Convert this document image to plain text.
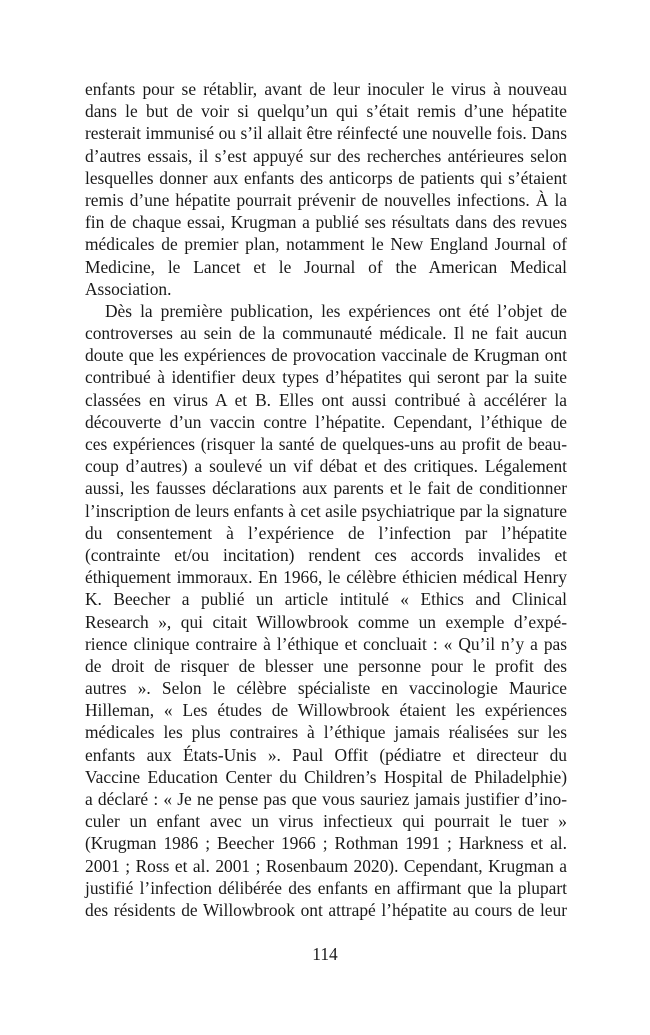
enfants pour se rétablir, avant de leur inoculer le virus à nouveau
dans le but de voir si quelqu’un qui s’était remis d’une hépatite
resterait immunisé ou s’il allait être réinfecté une nouvelle fois. Dans
d’autres essais, il s’est appuyé sur des recherches antérieures selon
lesquelles donner aux enfants des anticorps de patients qui s’étaient
remis d’une hépatite pourrait prévenir de nouvelles infections. À la
fin de chaque essai, Krugman a publié ses résultats dans des revues
médicales de premier plan, notamment le New England Journal of
Medicine, le Lancet et le Journal of the American Medical
Association.
Dès la première publication, les expériences ont été l’objet de
controverses au sein de la communauté médicale. Il ne fait aucun
doute que les expériences de provocation vaccinale de Krugman ont
contribué à identifier deux types d’hépatites qui seront par la suite
classées en virus A et B. Elles ont aussi contribué à accélérer la
découverte d’un vaccin contre l’hépatite. Cependant, l’éthique de
ces expériences (risquer la santé de quelques-uns au profit de beau-
coup d’autres) a soulevé un vif débat et des critiques. Légalement
aussi, les fausses déclarations aux parents et le fait de conditionner
l’inscription de leurs enfants à cet asile psychiatrique par la signature
du consentement à l’expérience de l’infection par l’hépatite
(contrainte et/ou incitation) rendent ces accords invalides et
éthiquement immoraux. En 1966, le célèbre éthicien médical Henry
K. Beecher a publié un article intitulé « Ethics and Clinical
Research », qui citait Willowbrook comme un exemple d’expé-
rience clinique contraire à l’éthique et concluait : « Qu’il n’y a pas
de droit de risquer de blesser une personne pour le profit des
autres ». Selon le célèbre spécialiste en vaccinologie Maurice
Hilleman, « Les études de Willowbrook étaient les expériences
médicales les plus contraires à l’éthique jamais réalisées sur les
enfants aux États-Unis ». Paul Offit (pédiatre et directeur du
Vaccine Education Center du Children’s Hospital de Philadelphie)
a déclaré : « Je ne pense pas que vous sauriez jamais justifier d’ino-
culer un enfant avec un virus infectieux qui pourrait le tuer »
(Krugman 1986 ; Beecher 1966 ; Rothman 1991 ; Harkness et al.
2001 ; Ross et al. 2001 ; Rosenbaum 2020). Cependant, Krugman a
justifié l’infection délibérée des enfants en affirmant que la plupart
des résidents de Willowbrook ont attrapé l’hépatite au cours de leur
114
